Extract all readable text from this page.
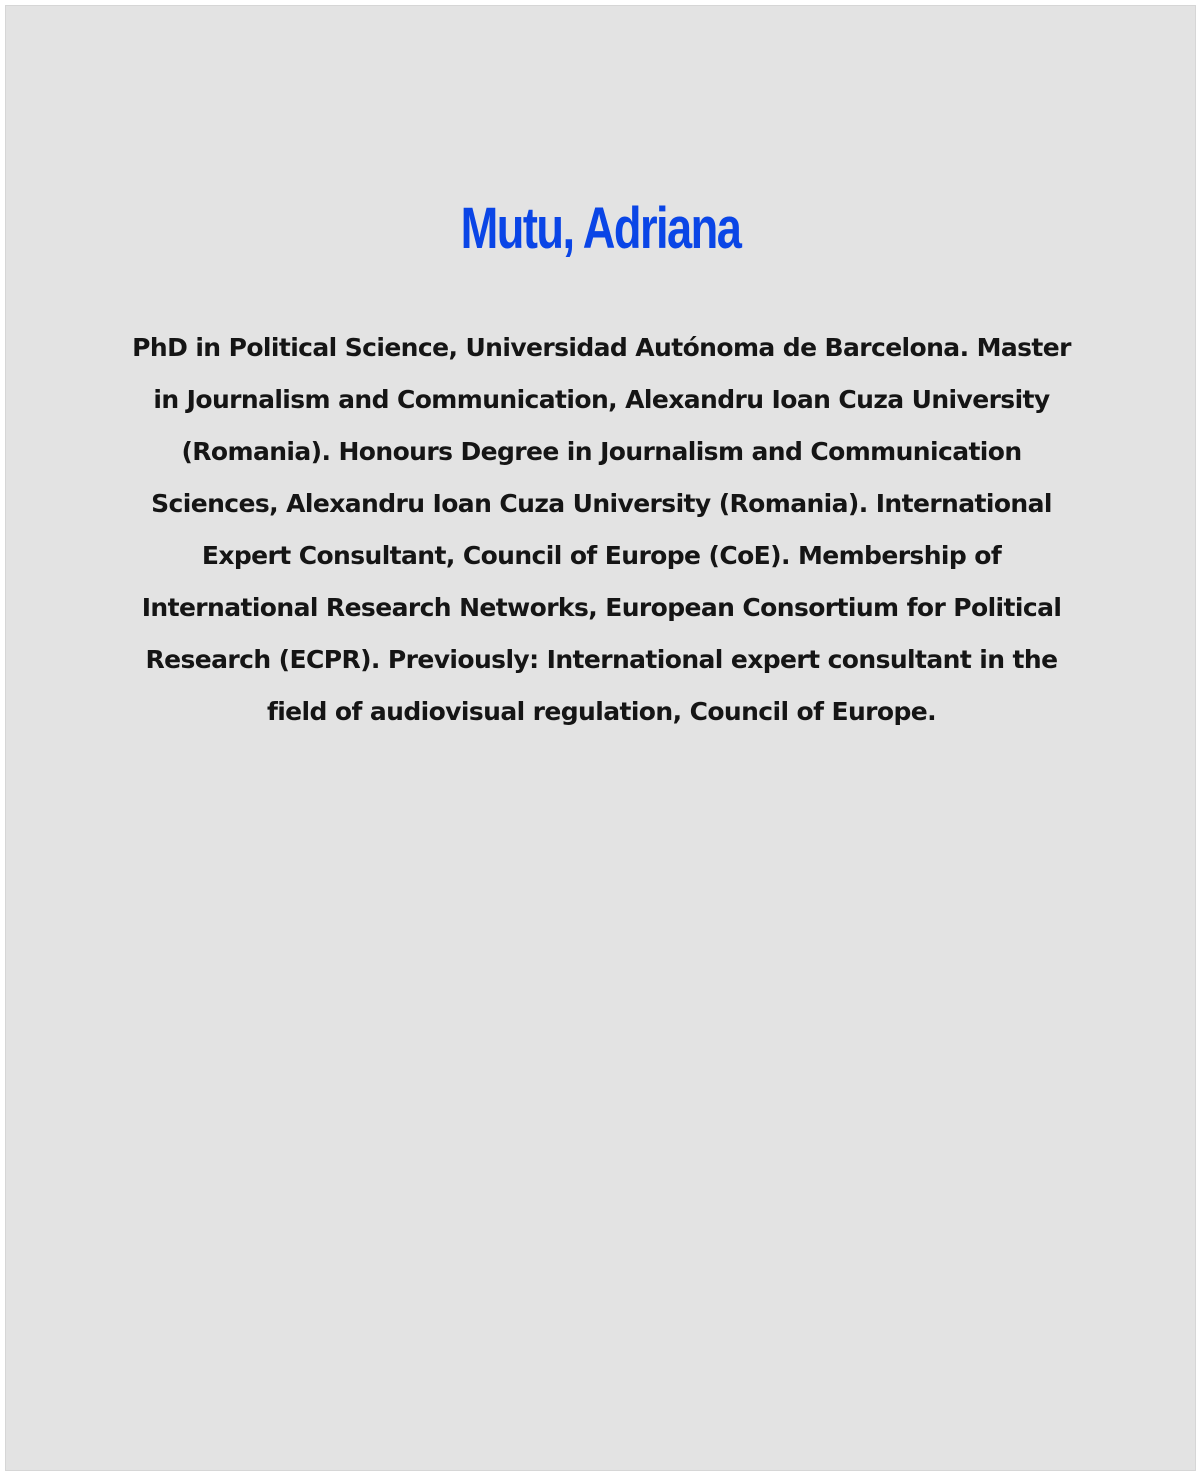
Mutu, Adriana

PhD in Political Science, Universidad Autónoma de Barcelona. Master in Journalism and Communication, Alexandru Ioan Cuza University (Romania). Honours Degree in Journalism and Communication Sciences, Alexandru Ioan Cuza University (Romania). International Expert Consultant, Council of Europe (CoE). Membership of International Research Networks, European Consortium for Political Research (ECPR). Previously: International expert consultant in the field of audiovisual regulation, Council of Europe.
